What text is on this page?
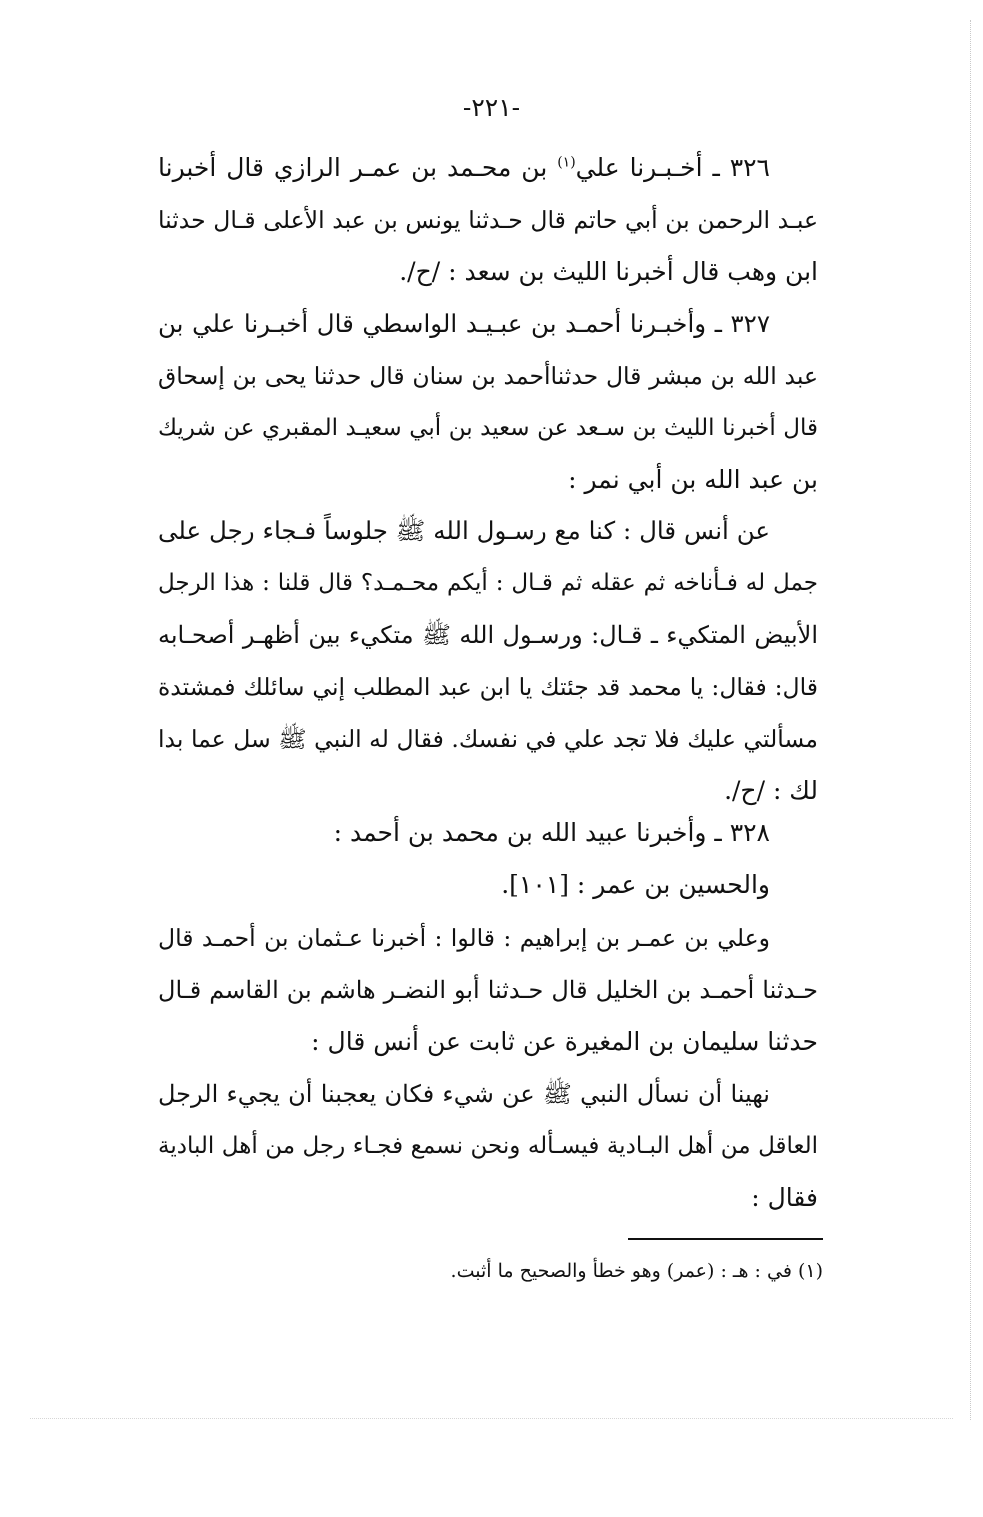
-٢٢١-
٣٢٦ ـ أخـبـرنا علي$^{(١)}$ بن محـمد بن عمـر الرازي قال أخبرنا
عبـد الرحمن بن أبي حاتم قال حـدثنا يونس بن عبد الأعلى قـال حدثنا
ابن وهب قال أخبرنا الليث بن سعد : /ح/.
٣٢٧ ـ وأخبـرنا أحمـد بن عبـيـد الواسطي قال أخبـرنا علي بن
عبد الله بن مبشر قال حدثناأحمد بن سنان قال حدثنا يحى بن إسحاق
قال أخبرنا الليث بن سـعد عن سعيد بن أبي سعيـد المقبري عن شريك
بن عبد الله بن أبي نمر :
عن أنس قال : كنا مع رسـول الله ﷺ جلوساً فـجاء رجل على
جمل له فـأناخه ثم عقله ثم قـال : أيكم محـمـد؟ قال قلنا : هذا الرجل
الأبيض المتكيء ـ قـال: ورسـول الله ﷺ متكيء بين أظهـر أصحـابه
قال: فقال: يا محمد قد جئتك يا ابن عبد المطلب إني سائلك فمشتدة
مسألتي عليك فلا تجد علي في نفسك. فقال له النبي ﷺ سل عما بدا
لك : /ح/.
٣٢٨ ـ وأخبرنا عبيد الله بن محمد بن أحمد :
والحسين بن عمر : [١٠١].
وعلي بن عمـر بن إبراهيم : قالوا : أخبرنا عـثمان بن أحمـد قال
حـدثنا أحمـد بن الخليل قال حـدثنا أبو النضـر هاشم بن القاسم قـال
حدثنا سليمان بن المغيرة عن ثابت عن أنس قال :
نهينا أن نسأل النبي ﷺ عن شيء فكان يعجبنا أن يجيء الرجل
العاقل من أهل البـادية فيسـأله ونحن نسمع فجـاء رجل من أهل البادية
فقال :
(١) في : هـ : (عمر) وهو خطأ والصحيح ما أثبت.
